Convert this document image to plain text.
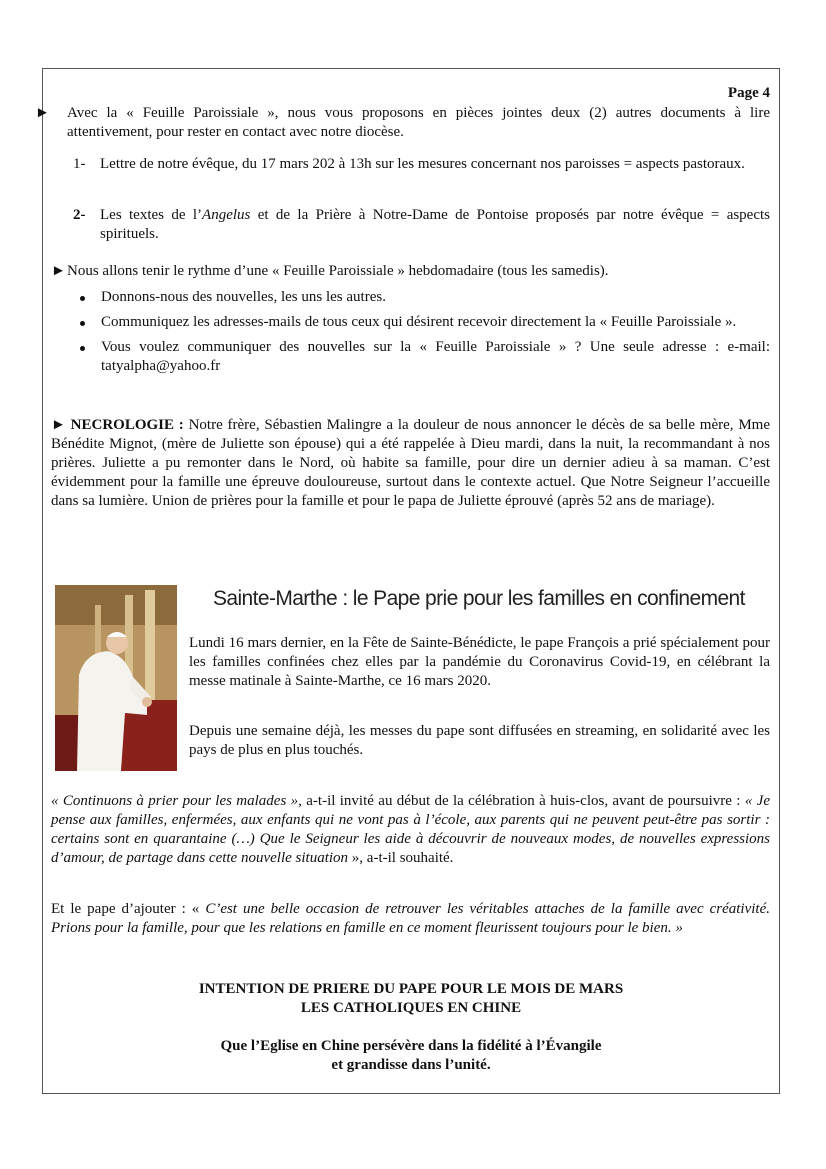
Page 4
► Avec la « Feuille Paroissiale », nous vous proposons en pièces jointes deux (2) autres documents à lire attentivement, pour rester en contact avec notre diocèse.
1- Lettre de notre évêque, du 17 mars 202 à 13h sur les mesures concernant nos paroisses = aspects pastoraux.
2- Les textes de l’Angelus et de la Prière à Notre-Dame de Pontoise proposés par notre évêque = aspects spirituels.
►Nous allons tenir le rythme d’une « Feuille Paroissiale » hebdomadaire (tous les samedis).
Donnons-nous des nouvelles, les uns les autres.
Communiquez les adresses-mails de tous ceux qui désirent recevoir directement la « Feuille Paroissiale ».
Vous voulez communiquer des nouvelles sur la « Feuille Paroissiale » ? Une seule adresse : e-mail: tatyalpha@yahoo.fr
► NECROLOGIE : Notre frère, Sébastien Malingre a la douleur de nous annoncer le décès de sa belle mère, Mme Bénédite Mignot, (mère de Juliette son épouse) qui a été rappelée à Dieu mardi, dans la nuit, la recommandant à nos prières. Juliette a pu remonter dans le Nord, où habite sa famille, pour dire un dernier adieu à sa maman. C’est évidemment pour la famille une épreuve douloureuse, surtout dans le contexte actuel. Que Notre Seigneur l’accueille dans sa lumière. Union de prières pour la famille et pour le papa de Juliette éprouvé (après 52 ans de mariage).
Sainte-Marthe : le Pape prie pour les familles en confinement
Lundi 16 mars dernier, en la Fête de Sainte-Bénédicte, le pape François a prié spécialement pour les familles confinées chez elles par la pandémie du Coronavirus Covid-19, en célébrant la messe matinale à Sainte-Marthe, ce 16 mars 2020.
Depuis une semaine déjà, les messes du pape sont diffusées en streaming, en solidarité avec les pays de plus en plus touchés.
« Continuons à prier pour les malades », a-t-il invité au début de la célébration à huis-clos, avant de poursuivre : « Je pense aux familles, enfermées, aux enfants qui ne vont pas à l’école, aux parents qui ne peuvent peut-être pas sortir : certains sont en quarantaine (…) Que le Seigneur les aide à découvrir de nouveaux modes, de nouvelles expressions d’amour, de partage dans cette nouvelle situation », a-t-il souhaité.
Et le pape d’ajouter : « C’est une belle occasion de retrouver les véritables attaches de la famille avec créativité. Prions pour la famille, pour que les relations en famille en ce moment fleurissent toujours pour le bien. »
INTENTION DE PRIERE DU PAPE POUR LE MOIS DE MARS
LES CATHOLIQUES EN CHINE
Que l’Eglise en Chine persévère dans la fidélité à l’Évangile
et grandisse dans l’unité.
